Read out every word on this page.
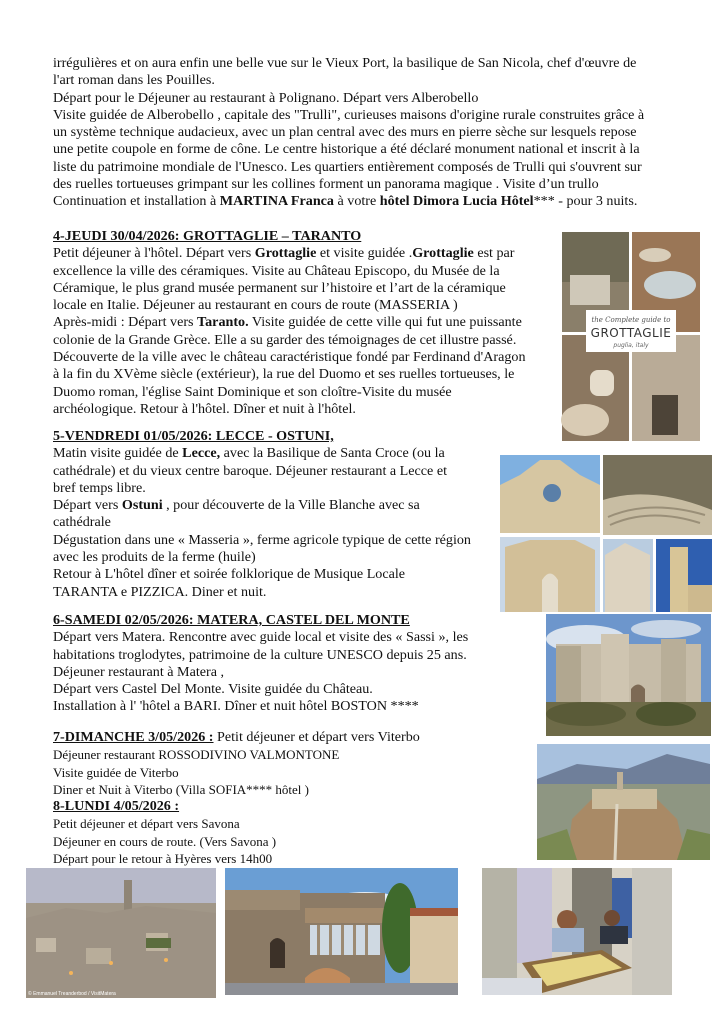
irrégulières et on aura enfin une belle vue sur le Vieux Port, la basilique de San Nicola, chef d'œuvre de

l'art roman dans les Pouilles.

Départ pour le Déjeuner au restaurant à Polignano. Départ vers Alberobello

Visite guidée de Alberobello , capitale des "Trulli", curieuses maisons d'origine rurale construites grâce à

un système technique audacieux, avec un plan central avec des murs en pierre sèche sur lesquels repose

une petite coupole en forme de cône. Le centre historique a été déclaré monument national et inscrit à la

liste du patrimoine mondiale de l'Unesco. Les quartiers entièrement composés de Trulli qui s'ouvrent sur

des ruelles tortueuses grimpant sur les collines forment un panorama magique . Visite d’un trullo

Continuation et installation à MARTINA Franca à votre hôtel Dimora Lucia Hôtel*** - pour 3 nuits.

4-JEUDI 30/04/2026: GROTTAGLIE – TARANTO

Petit déjeuner à l'hôtel. Départ vers Grottaglie et visite guidée .Grottaglie est par

excellence la ville des céramiques. Visite au Château Episcopo, du Musée de la

Céramique, le plus grand musée permanent sur l’histoire et l’art de la céramique

locale en Italie. Déjeuner au restaurant en cours de route (MASSERIA )

Après-midi : Départ vers Taranto. Visite guidée de cette ville qui fut une puissante

colonie de la Grande Grèce. Elle a su garder des témoignages de cet illustre passé.

Découverte de la ville avec le château caractéristique fondé par Ferdinand d'Aragon

à la fin du XVème siècle (extérieur), la rue del Duomo et ses ruelles tortueuses, le

Duomo roman, l'église Saint Dominique et son cloître-Visite du musée

archéologique. Retour à l'hôtel. Dîner et nuit à l'hôtel.

5-VENDREDI 01/05/2026: LECCE - OSTUNI,

Matin visite guidée de Lecce, avec la Basilique de Santa Croce (ou la

cathédrale) et du vieux centre baroque. Déjeuner restaurant a Lecce et

bref temps libre.

Départ vers Ostuni , pour découverte de la Ville Blanche avec sa

cathédrale

Dégustation dans une « Masseria », ferme agricole typique de cette région

avec les produits de la ferme (huile)

Retour à L'hôtel dîner et soirée folklorique de Musique Locale

TARANTA e PIZZICA. Diner et nuit.

6-SAMEDI 02/05/2026: MATERA, CASTEL DEL MONTE

Départ vers Matera. Rencontre avec guide local et visite des « Sassi », les

habitations troglodytes, patrimoine de la culture UNESCO depuis 25 ans.

Déjeuner restaurant à Matera ,

Départ vers Castel Del Monte. Visite guidée du Château.

Installation à l' 'hôtel a BARI. Dîner et nuit hôtel BOSTON ****

7-DIMANCHE 3/05/2026 : Petit déjeuner et départ vers Viterbo

Déjeuner restaurant ROSSODIVINO VALMONTONE

Visite guidée de Viterbo

Diner et Nuit à Viterbo (Villa SOFIA**** hôtel )

8-LUNDI 4/05/2026 :

Petit déjeuner et départ vers Savona

Déjeuner en cours de route. (Vers Savona )

Départ pour le retour à Hyères vers 14h00

the Complete guide to
GROTTAGLIE
puglia, italy
© Emmanuel Treanderbod / VisitMatera
